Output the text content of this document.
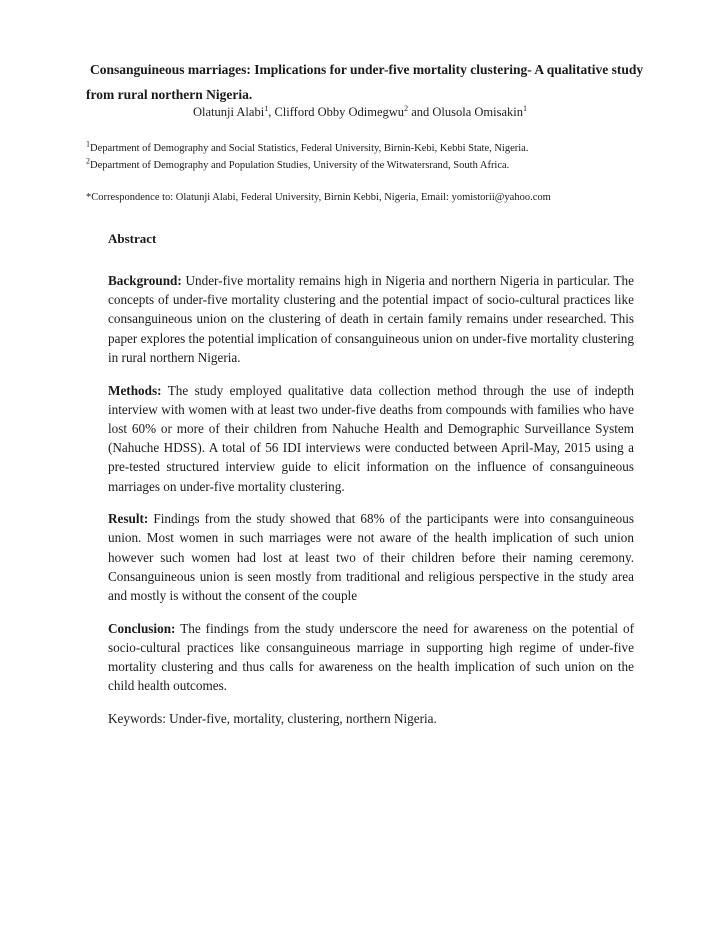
Consanguineous marriages: Implications for under-five mortality clustering- A qualitative study from rural northern Nigeria.
Olatunji Alabi$^1$, Clifford Obby Odimegwu$^2$ and Olusola Omisakin$^1$
$^1$Department of Demography and Social Statistics, Federal University, Birnin-Kebi, Kebbi State, Nigeria.
$^2$Department of Demography and Population Studies, University of the Witwatersrand, South Africa.
*Correspondence to: Olatunji Alabi, Federal University, Birnin Kebbi, Nigeria, Email: yomistorii@yahoo.com
Abstract

Background: Under-five mortality remains high in Nigeria and northern Nigeria in particular. The concepts of under-five mortality clustering and the potential impact of socio-cultural practices like consanguineous union on the clustering of death in certain family remains under researched. This paper explores the potential implication of consanguineous union on under-five mortality clustering in rural northern Nigeria.

Methods: The study employed qualitative data collection method through the use of indepth interview with women with at least two under-five deaths from compounds with families who have lost 60% or more of their children from Nahuche Health and Demographic Surveillance System (Nahuche HDSS). A total of 56 IDI interviews were conducted between April-May, 2015 using a pre-tested structured interview guide to elicit information on the influence of consanguineous marriages on under-five mortality clustering.

Result: Findings from the study showed that 68% of the participants were into consanguineous union. Most women in such marriages were not aware of the health implication of such union however such women had lost at least two of their children before their naming ceremony. Consanguineous union is seen mostly from traditional and religious perspective in the study area and mostly is without the consent of the couple

Conclusion: The findings from the study underscore the need for awareness on the potential of socio-cultural practices like consanguineous marriage in supporting high regime of under-five mortality clustering and thus calls for awareness on the health implication of such union on the child health outcomes.

Keywords: Under-five, mortality, clustering, northern Nigeria.
